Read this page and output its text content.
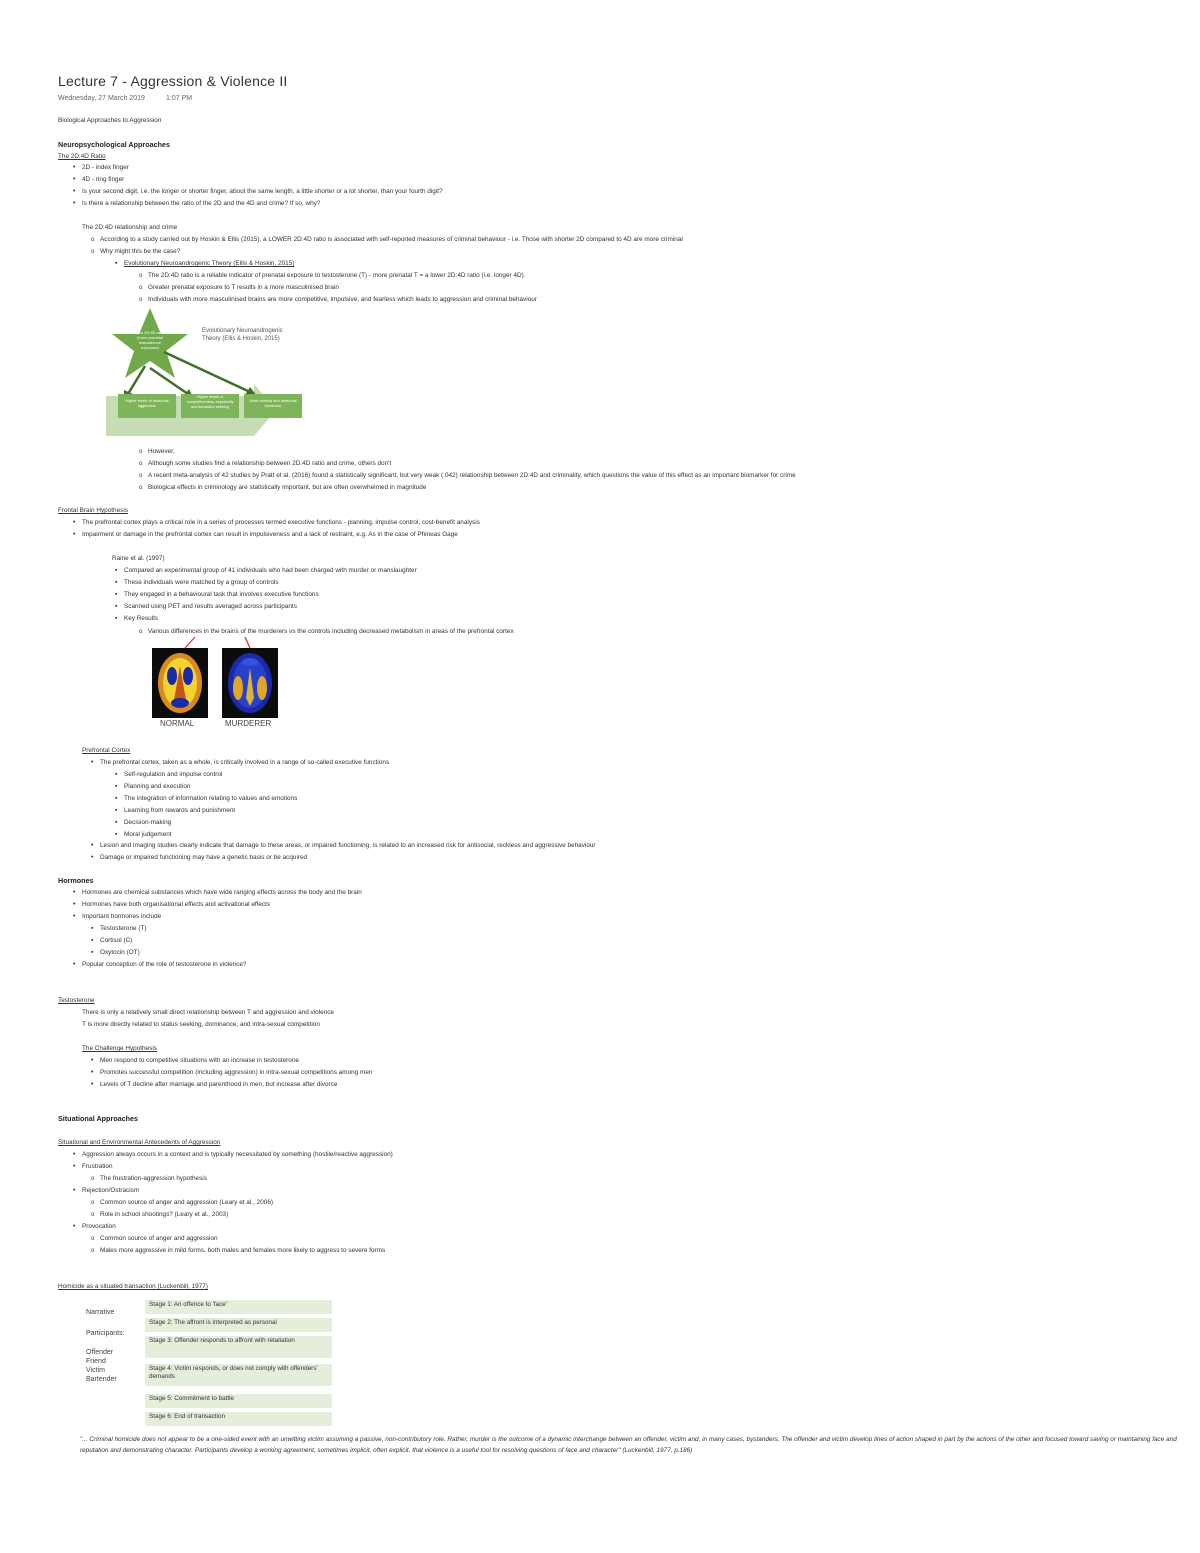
Lecture 7 - Aggression & Violence II
Wednesday, 27 March 2019	1:07 PM
Biological Approaches to Aggression
Neuropsychological Approaches
The 2D:4D Ratio
• 2D - index finger
• 4D - ring finger
• Is your second digit, i.e. the longer or shorter finger, about the same length, a little shorter or a lot shorter, than your fourth digit?
• Is there a relationship between the ratio of the 2D and the 4D and crime? If so, why?
The 2D:4D relationship and crime
o According to a study carried out by Hoskin & Ellis (2015), a LOWER 2D:4D ratio is associated with self-reported measures of criminal behaviour - i.e. Those with shorter 2D compared to 4D are more criminal
o Why might this be the case?
▪ Evolutionary Neuroandrogenic Theory (Ellis & Hoskin, 2015)
o The 2D:4D ratio is a reliable indicator of prenatal exposure to testosterone (T) - more prenatal T = a lower 2D:4D ratio (i.e. longer 4D)
o Greater prenatal exposure to T results in a more masculinised brain
o Individuals with more masculinised brains are more competitive, impulsive, and fearless which leads to aggression and criminal behaviour
Low 2D:4D ratio (more prenatal testosterone exposure)
Evolutionary Neuroandrogenic
Theory (Ellis & Hoskin, 2015)
Higher levels of antisocial aggression
Higher levels of competitiveness, impulsivity and sensation seeking
More criminal and antisocial behaviour
o However,
o Although some studies find a relationship between 2D:4D ratio and crime, others don't
o A recent meta-analysis of 42 studies by Pratt et al. (2016) found a statistically significant, but very weak (.042) relationship between 2D:4D and criminality, which questions the value of this effect as an important biomarker for crime
o Biological effects in criminology are statistically important, but are often overwhelmed in magnitude
Frontal Brain Hypothesis
• The prefrontal cortex plays a critical role in a series of processes termed executive functions - planning, impulse control, cost-benefit analysis
• Impairment or damage in the prefrontal cortex can result in impulsiveness and a lack of restraint, e.g. As in the case of Phineas Gage
Raine et al. (1997)
▪ Compared an experimental group of 41 individuals who had been charged with murder or manslaughter
▪ These individuals were matched by a group of controls
▪ They engaged in a behavioural task that involves executive functions
▪ Scanned using PET and results averaged across participants
▪ Key Results
o Various differences in the brains of the murderers vs the controls including decreased metabolism in areas of the prefrontal cortex
NORMAL	MURDERER
Prefrontal Cortex
• The prefrontal cortex, taken as a whole, is critically involved in a range of so-called executive functions
▪ Self-regulation and impulse control
▪ Planning and execution
▪ The integration of information relating to values and emotions
▪ Learning from rewards and punishment
▪ Decision-making
▪ Moral judgement
• Lesion and imaging studies clearly indicate that damage to these areas, or impaired functioning, is related to an increased risk for antisocial, reckless and aggressive behaviour
• Damage or impaired functioning may have a genetic basis or be acquired
Hormones
• Hormones are chemical substances which have wide ranging effects across the body and the brain
• Hormones have both organisational effects and activational effects
• Important hormones include
▪ Testosterone (T)
▪ Cortisol (C)
▪ Oxytocin (OT)
• Popular conception of the role of testosterone in violence?
Testosterone
There is only a relatively small direct relationship between T and aggression and violence
T is more directly related to status seeking, dominance, and intra-sexual competition
The Challenge Hypothesis
• Men respond to competitive situations with an increase in testosterone
• Promotes successful competition (including aggression) in intra-sexual competitions among men
• Levels of T decline after marriage and parenthood in men, but increase after divorce
Situational Approaches
Situational and Environmental Antecedents of Aggression
• Aggression always occurs in a context and is typically necessitated by something (hostile/reactive aggression)
• Frustration
o The frustration-aggression hypothesis
• Rejection/Ostracism
o Common source of anger and aggression (Leary et al., 2006)
o Role in school shootings? (Leary et al., 2003)
• Provocation
o Common source of anger and aggression
o Males more aggressive in mild forms, both males and females more likely to aggress to severe forms
Homicide as a situated transaction (Luckenbill, 1977)
Narrative
Participants:
Offender
Friend
Victim
Bartender
Stage 1: An offence to 'face'
Stage 2: The affront is interpreted as personal
Stage 3: Offender responds to affront with retaliation
Stage 4: Victim responds, or does not comply with offenders' demands
Stage 5: Commitment to battle
Stage 6: End of transaction
"... Criminal homicide does not appear to be a one-sided event with an unwitting victim assuming a passive, non-contributory role. Rather, murder is the outcome of a dynamic interchange between an offender, victim and, in many cases, bystanders. The offender and victim develop lines of action shaped in part by the actions of the other and focused toward saving or maintaining face and reputation and demonstrating character. Participants develop a working agreement, sometimes implicit, often explicit, that violence is a useful tool for resolving questions of face and character" (Luckenbill, 1977, p.186)
